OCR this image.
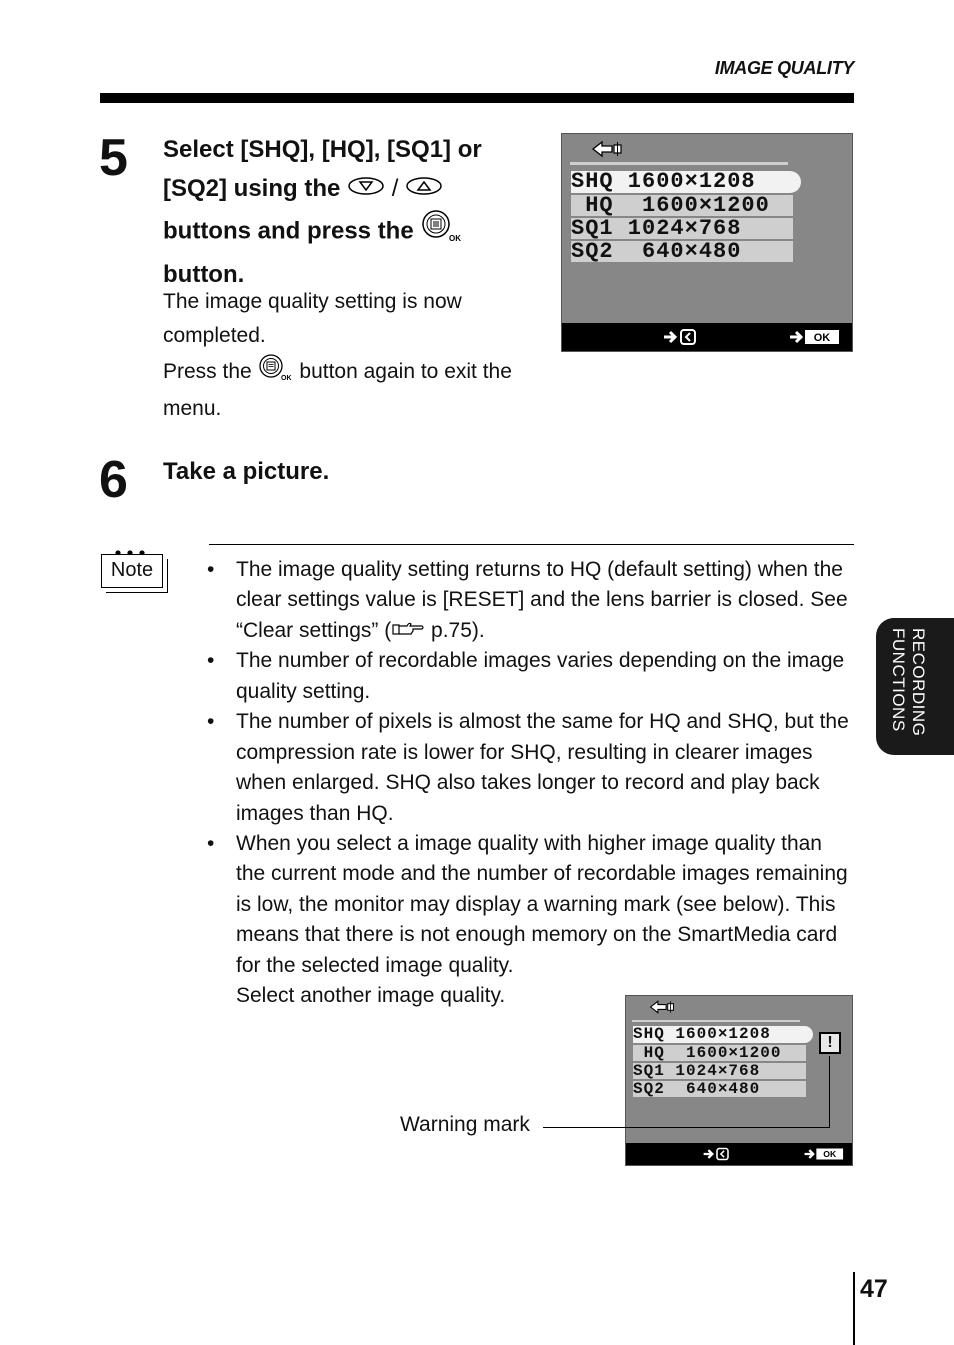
IMAGE QUALITY
5 Select [SHQ], [HQ], [SQ1] or
[SQ2] using the /
buttons and press the	OK
button.
The image quality setting is now
completed.
Press the	OK button again to exit the
menu.
SHQ 1600×1208
HQ  1600×1200
SQ1 1024×768
SQ2  640×480

CANCEL

SET

OK

6 Take a picture.
Note
•	The image quality setting returns to HQ (default setting) when the clear settings value is [RESET] and the lens barrier is closed. See “Clear settings” ( p.75).
• The number of recordable images varies depending on the image quality setting.
• The number of pixels is almost the same for HQ and SHQ, but the compression rate is lower for SHQ, resulting in clearer images when enlarged. SHQ also takes longer to record and play back images than HQ.
• When you select a image quality with higher image quality than the current mode and the number of recordable images remaining is low, the monitor may display a warning mark (see below). This means that there is not enough memory on the SmartMedia card for the selected image quality.
Select another image quality.
SHQ 1600×1208
HQ  1600×1200
SQ1 1024×768
SQ2  640×480
!

CANCEL

SET

OK

Warning mark
RECORDING
FUNCTIONS
47
